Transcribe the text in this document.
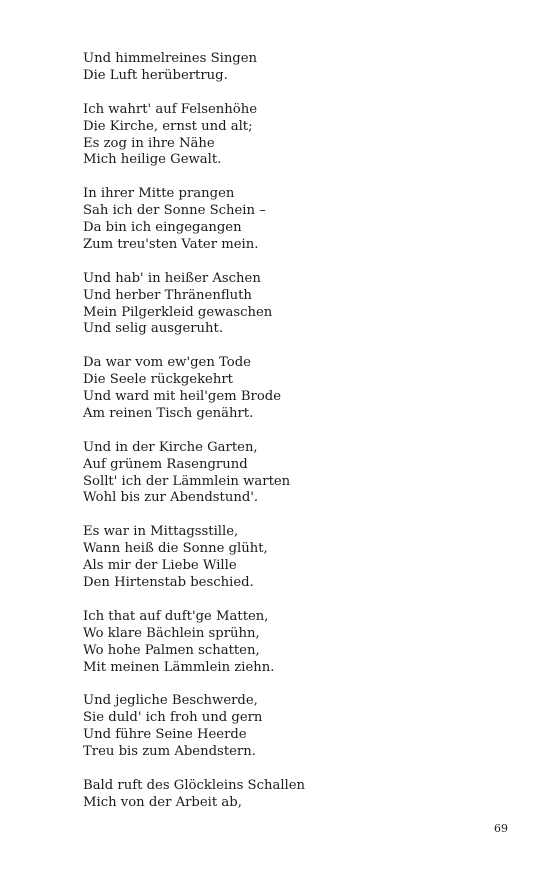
Und himmelreines Singen
Die Luft herübertrug.
Ich wahrt' auf Felsenhöhe
Die Kirche, ernst und alt;
Es zog in ihre Nähe
Mich heilige Gewalt.
In ihrer Mitte prangen
Sah ich der Sonne Schein –
Da bin ich eingegangen
Zum treu'sten Vater mein.
Und hab' in heißer Aschen
Und herber Thränenfluth
Mein Pilgerkleid gewaschen
Und selig ausgeruht.
Da war vom ew'gen Tode
Die Seele rückgekehrt
Und ward mit heil'gem Brode
Am reinen Tisch genährt.
Und in der Kirche Garten,
Auf grünem Rasengrund
Sollt' ich der Lämmlein warten
Wohl bis zur Abendstund'.
Es war in Mittagsstille,
Wann heiß die Sonne glüht,
Als mir der Liebe Wille
Den Hirtenstab beschied.
Ich that auf duft'ge Matten,
Wo klare Bächlein sprühn,
Wo hohe Palmen schatten,
Mit meinen Lämmlein ziehn.
Und jegliche Beschwerde,
Sie duld' ich froh und gern
Und führe Seine Heerde
Treu bis zum Abendstern.
Bald ruft des Glöckleins Schallen
Mich von der Arbeit ab,
69
